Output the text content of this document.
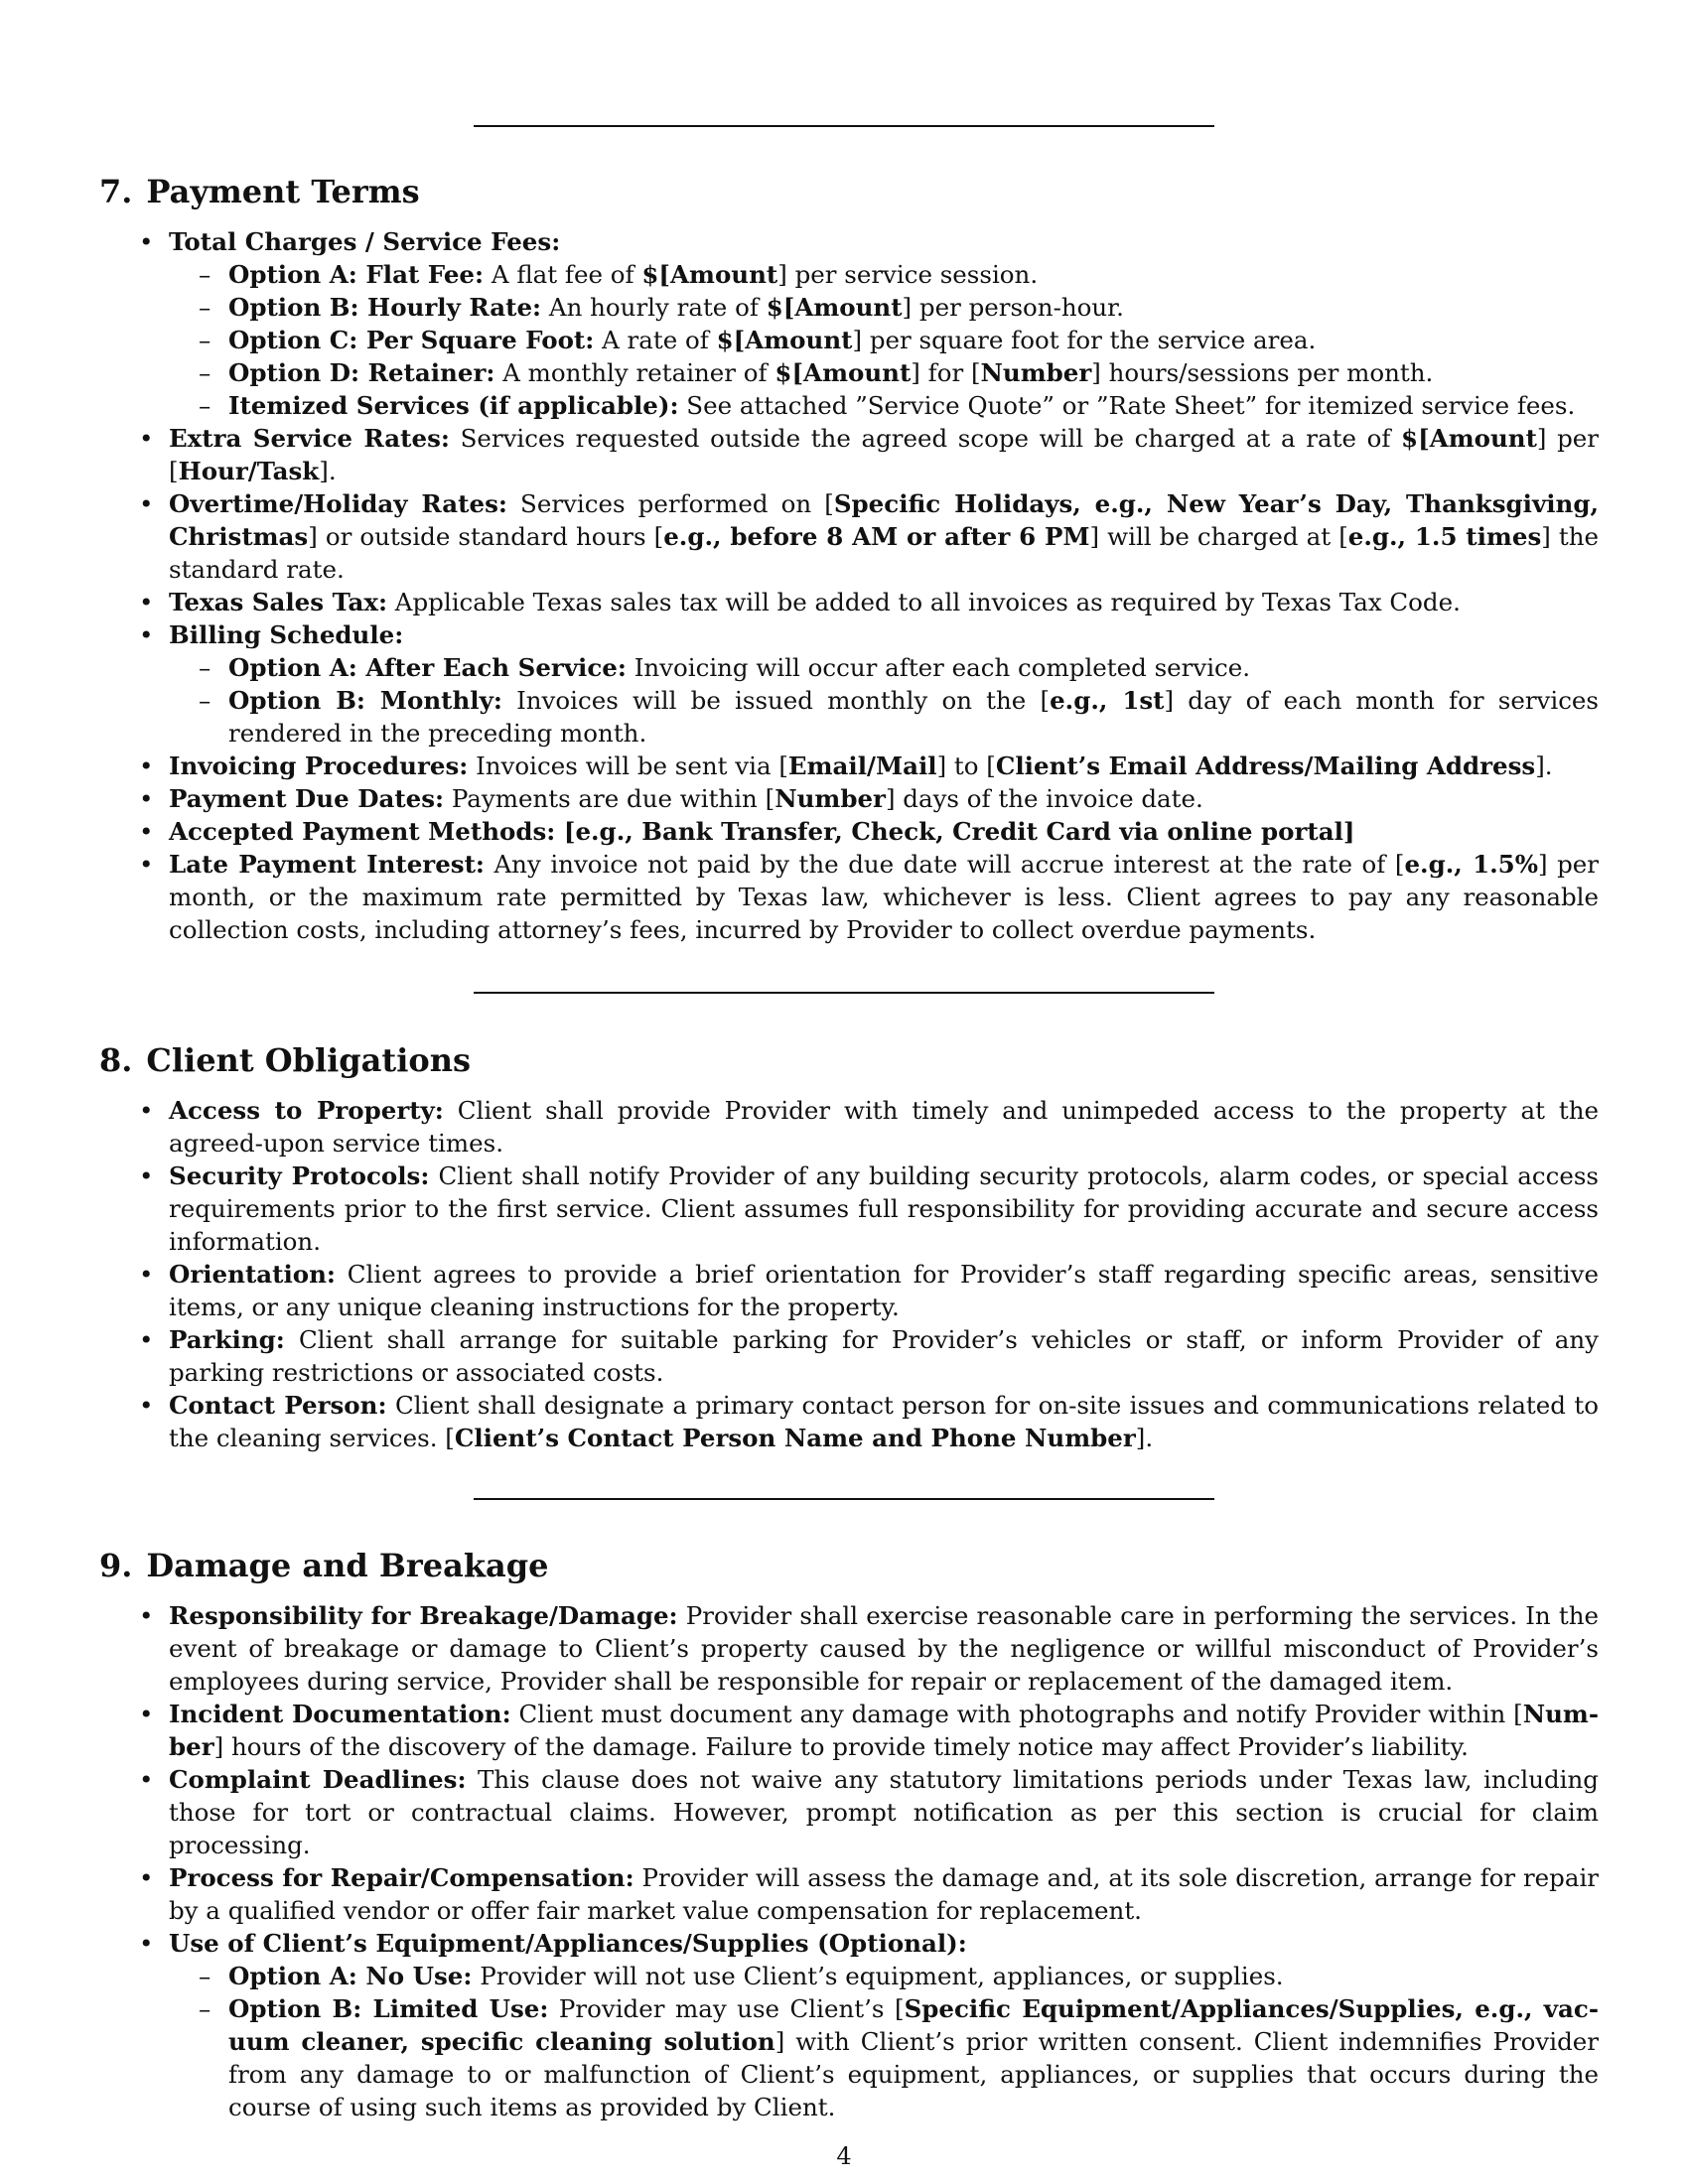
7. Payment Terms
• Total Charges / Service Fees:
– Option A: Flat Fee: A flat fee of $[Amount] per service session.
– Option B: Hourly Rate: An hourly rate of $[Amount] per person-hour.
– Option C: Per Square Foot: A rate of $[Amount] per square foot for the service area.
– Option D: Retainer: A monthly retainer of $[Amount] for [Number] hours/sessions per month.
– Itemized Services (if applicable): See attached ”Service Quote” or ”Rate Sheet” for itemized service fees.
• Extra Service Rates: Services requested outside the agreed scope will be charged at a rate of $[Amount] per [Hour/Task].
• Overtime/Holiday Rates: Services performed on [Specific Holidays, e.g., New Year’s Day, Thanksgiving, Christmas] or outside standard hours [e.g., before 8 AM or after 6 PM] will be charged at [e.g., 1.5 times] the standard rate.
• Texas Sales Tax: Applicable Texas sales tax will be added to all invoices as required by Texas Tax Code.
• Billing Schedule:
– Option A: After Each Service: Invoicing will occur after each completed service.
– Option B: Monthly: Invoices will be issued monthly on the [e.g., 1st] day of each month for services rendered in the preceding month.
• Invoicing Procedures: Invoices will be sent via [Email/Mail] to [Client’s Email Address/Mailing Address].
• Payment Due Dates: Payments are due within [Number] days of the invoice date.
• Accepted Payment Methods: [e.g., Bank Transfer, Check, Credit Card via online portal]
• Late Payment Interest: Any invoice not paid by the due date will accrue interest at the rate of [e.g., 1.5%] per month, or the maximum rate permitted by Texas law, whichever is less. Client agrees to pay any reasonable collection costs, including attorney’s fees, incurred by Provider to collect overdue payments.
8. Client Obligations
• Access to Property: Client shall provide Provider with timely and unimpeded access to the property at the agreed-upon service times.
• Security Protocols: Client shall notify Provider of any building security protocols, alarm codes, or special access requirements prior to the first service. Client assumes full responsibility for providing accurate and secure access information.
• Orientation: Client agrees to provide a brief orientation for Provider’s staff regarding specific areas, sensitive items, or any unique cleaning instructions for the property.
• Parking: Client shall arrange for suitable parking for Provider’s vehicles or staff, or inform Provider of any parking restrictions or associated costs.
• Contact Person: Client shall designate a primary contact person for on-site issues and communications related to the cleaning services. [Client’s Contact Person Name and Phone Number].
9. Damage and Breakage
• Responsibility for Breakage/Damage: Provider shall exercise reasonable care in performing the services. In the event of breakage or damage to Client’s property caused by the negligence or willful misconduct of Provider’s employees during service, Provider shall be responsible for repair or replacement of the damaged item.
• Incident Documentation: Client must document any damage with photographs and notify Provider within [Number] hours of the discovery of the damage. Failure to provide timely notice may affect Provider’s liability.
• Complaint Deadlines: This clause does not waive any statutory limitations periods under Texas law, including those for tort or contractual claims. However, prompt notification as per this section is crucial for claim processing.
• Process for Repair/Compensation: Provider will assess the damage and, at its sole discretion, arrange for repair by a qualified vendor or offer fair market value compensation for replacement.
• Use of Client’s Equipment/Appliances/Supplies (Optional):
– Option A: No Use: Provider will not use Client’s equipment, appliances, or supplies.
– Option B: Limited Use: Provider may use Client’s [Specific Equipment/Appliances/Supplies, e.g., vacuum cleaner, specific cleaning solution] with Client’s prior written consent. Client indemnifies Provider from any damage to or malfunction of Client’s equipment, appliances, or supplies that occurs during the course of using such items as provided by Client.
4
